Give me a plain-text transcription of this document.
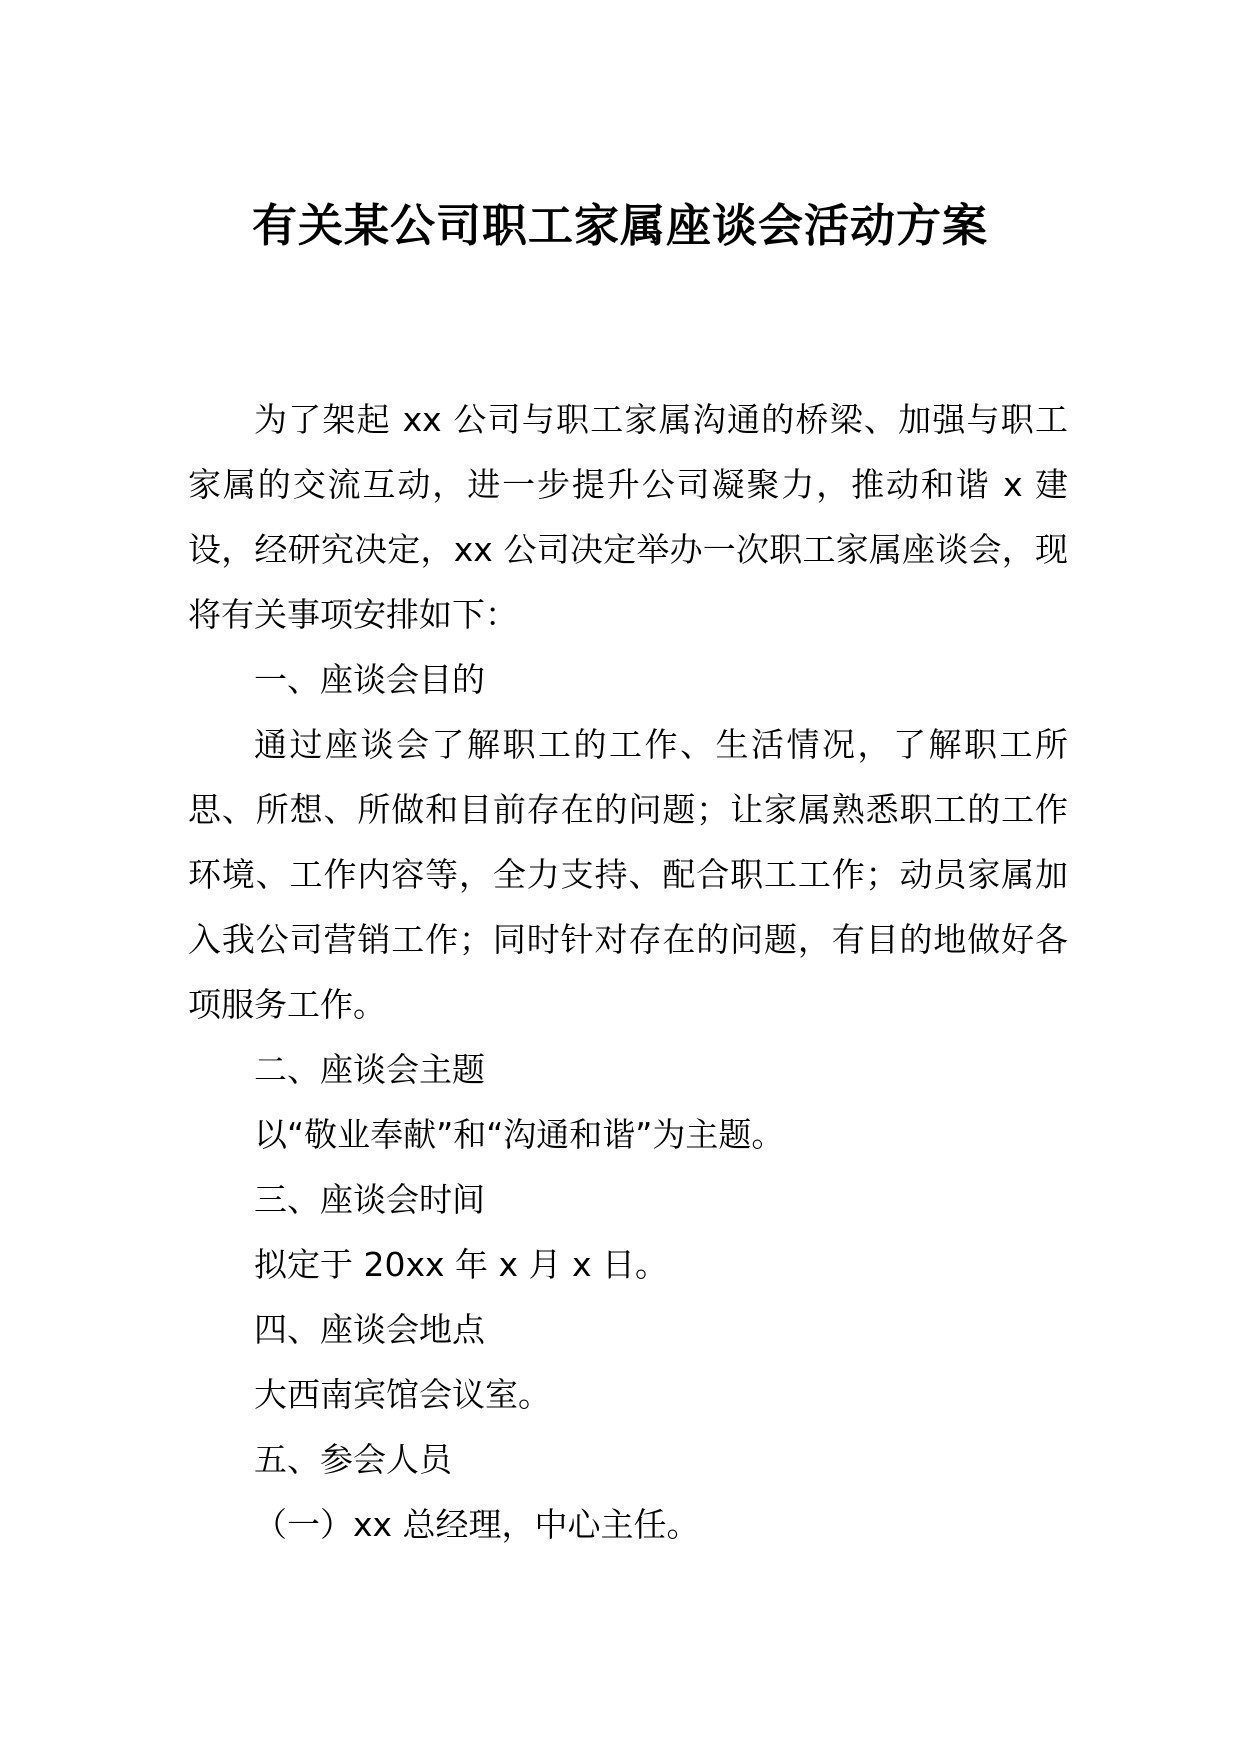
有关某公司职工家属座谈会活动方案

为了架起 xx 公司与职工家属沟通的桥梁、加强与职工家属的交流互动，进一步提升公司凝聚力，推动和谐 x 建设，经研究决定，xx 公司决定举办一次职工家属座谈会，现将有关事项安排如下：

一、座谈会目的

通过座谈会了解职工的工作、生活情况，了解职工所思、所想、所做和目前存在的问题；让家属熟悉职工的工作环境、工作内容等，全力支持、配合职工工作；动员家属加入我公司营销工作；同时针对存在的问题，有目的地做好各项服务工作。

二、座谈会主题

以“敬业奉献”和“沟通和谐”为主题。

三、座谈会时间

拟定于 20xx 年 x 月 x 日。

四、座谈会地点

大西南宾馆会议室。

五、参会人员

（一）xx 总经理，中心主任。
